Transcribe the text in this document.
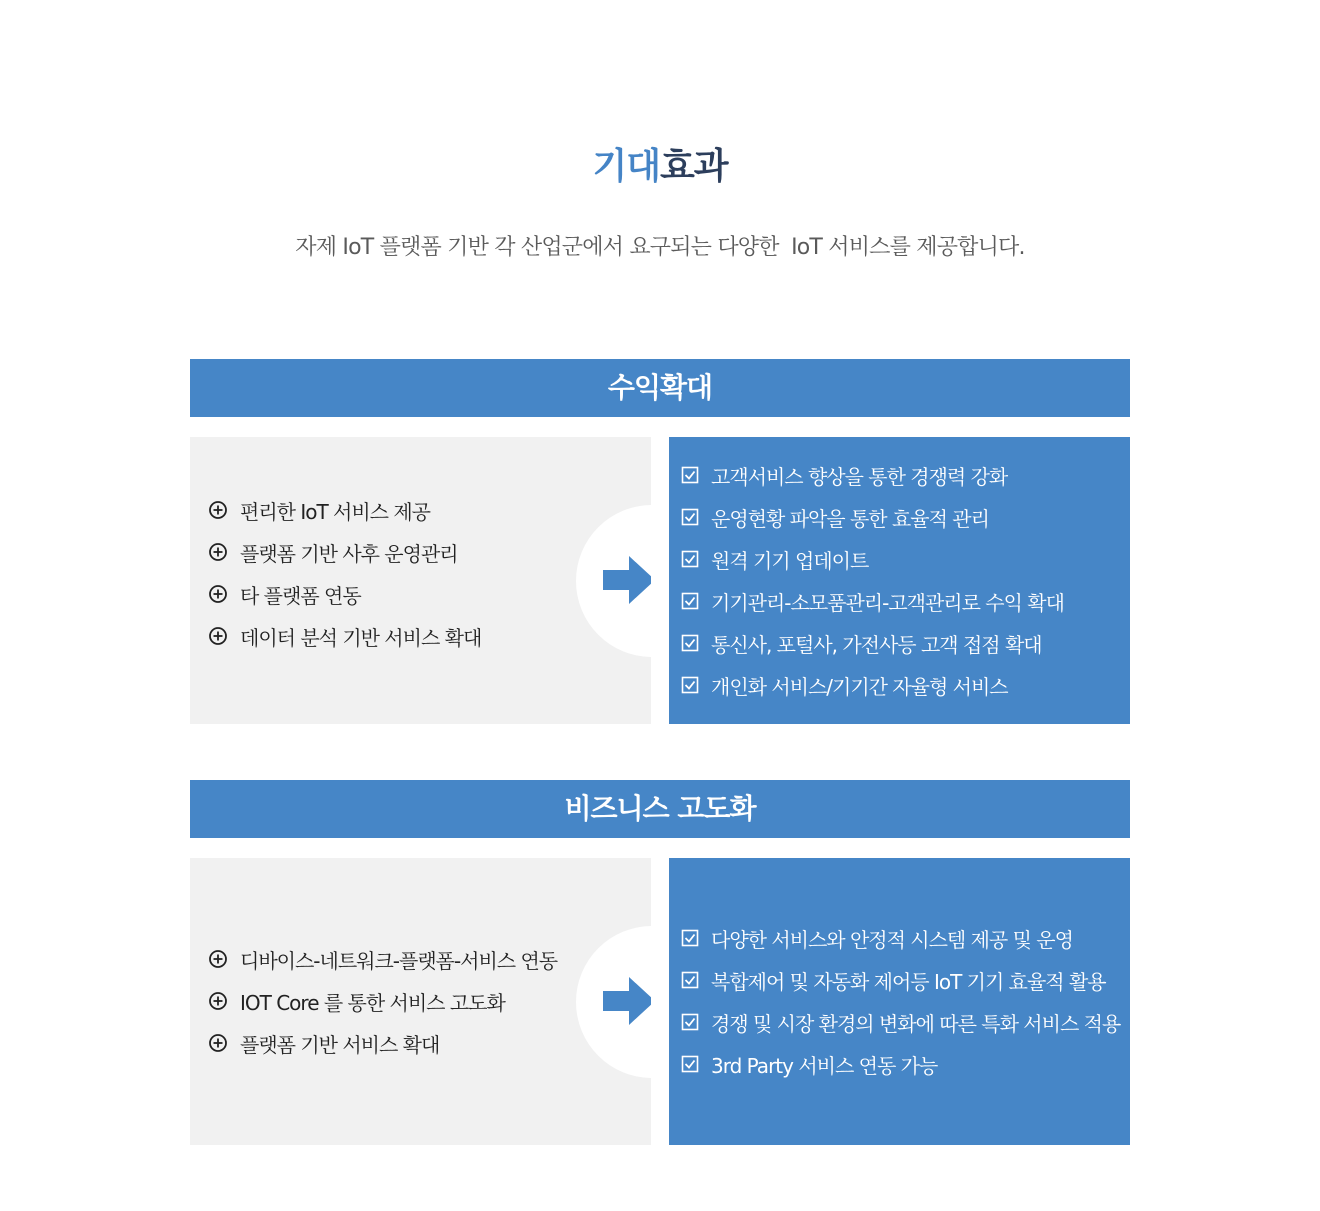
기대효과

자제 IoT 플랫폼 기반 각 산업군에서 요구되는 다양한  IoT 서비스를 제공합니다.

수익확대
편리한 IoT 서비스 제공
플랫폼 기반 사후 운영관리
타 플랫폼 연동
데이터 분석 기반 서비스 확대
고객서비스 향상을 통한 경쟁력 강화
운영현황 파악을 통한 효율적 관리
원격 기기 업데이트
기기관리-소모품관리-고객관리로 수익 확대
통신사, 포털사, 가전사등 고객 접점 확대
개인화 서비스/기기간 자율형 서비스
비즈니스 고도화
디바이스-네트워크-플랫폼-서비스 연동
IOT Core 를 통한 서비스 고도화
플랫폼 기반 서비스 확대
다양한 서비스와 안정적 시스템 제공 및 운영
복합제어 및 자동화 제어등 IoT 기기 효율적 활용
경쟁 및 시장 환경의 변화에 따른 특화 서비스 적용
3rd Party 서비스 연동 가능
